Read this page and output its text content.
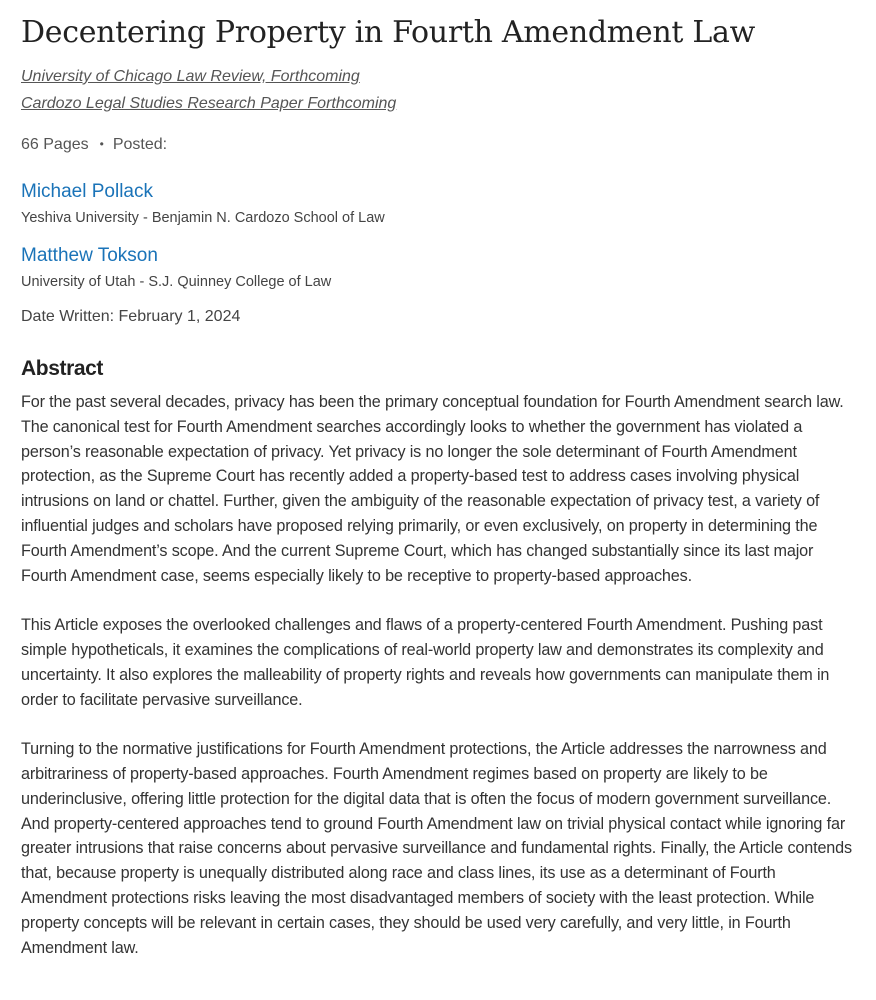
Decentering Property in Fourth Amendment Law
University of Chicago Law Review, Forthcoming
Cardozo Legal Studies Research Paper Forthcoming
66 Pages • Posted:
Michael Pollack
Yeshiva University - Benjamin N. Cardozo School of Law
Matthew Tokson
University of Utah - S.J. Quinney College of Law
Date Written: February 1, 2024
Abstract

For the past several decades, privacy has been the primary conceptual foundation for Fourth Amendment search law. The canonical test for Fourth Amendment searches accordingly looks to whether the government has violated a person’s reasonable expectation of privacy. Yet privacy is no longer the sole determinant of Fourth Amendment protection, as the Supreme Court has recently added a property-based test to address cases involving physical intrusions on land or chattel. Further, given the ambiguity of the reasonable expectation of privacy test, a variety of influential judges and scholars have proposed relying primarily, or even exclusively, on property in determining the Fourth Amendment’s scope. And the current Supreme Court, which has changed substantially since its last major Fourth Amendment case, seems especially likely to be receptive to property-based approaches.

This Article exposes the overlooked challenges and flaws of a property-centered Fourth Amendment. Pushing past simple hypotheticals, it examines the complications of real-world property law and demonstrates its complexity and uncertainty. It also explores the malleability of property rights and reveals how governments can manipulate them in order to facilitate pervasive surveillance.

Turning to the normative justifications for Fourth Amendment protections, the Article addresses the narrowness and arbitrariness of property-based approaches. Fourth Amendment regimes based on property are likely to be underinclusive, offering little protection for the digital data that is often the focus of modern government surveillance. And property-centered approaches tend to ground Fourth Amendment law on trivial physical contact while ignoring far greater intrusions that raise concerns about pervasive surveillance and fundamental rights. Finally, the Article contends that, because property is unequally distributed along race and class lines, its use as a determinant of Fourth Amendment protections risks leaving the most disadvantaged members of society with the least protection. While property concepts will be relevant in certain cases, they should be used very carefully, and very little, in Fourth Amendment law.
